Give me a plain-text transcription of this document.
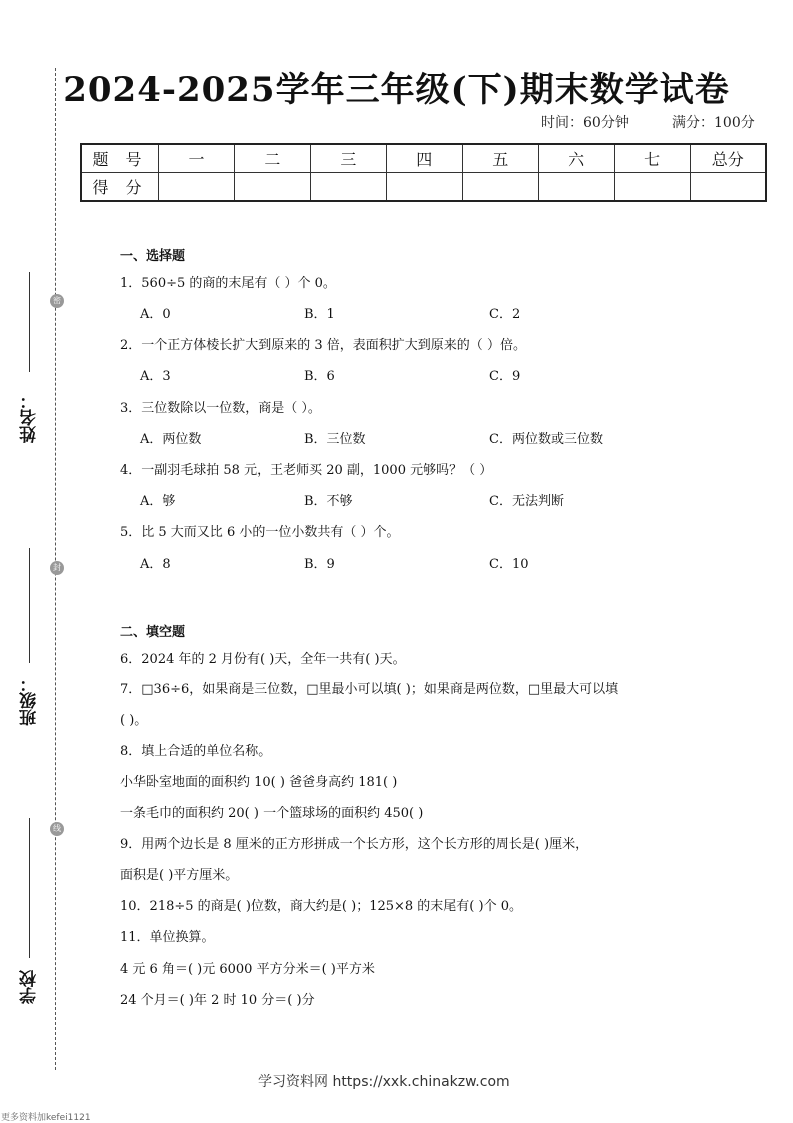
姓名：
密
班级：
封
学校
线
2024-2025学年三年级(下)期末数学试卷
时间：60分钟	满分：100分
题 号	一	二	三	四	五	六	七	总分
得 分								
一、选择题
1．560÷5 的商的末尾有（ ）个 0。
A．0	B．1	C．2
2．一个正方体棱长扩大到原来的 3 倍，表面积扩大到原来的（ ）倍。
A．3	B．6	C．9
3．三位数除以一位数，商是（ ）。
A．两位数	B．三位数	C．两位数或三位数
4．一副羽毛球拍 58 元，王老师买 20 副，1000 元够吗？（ ）
A．够	B．不够	C．无法判断
5．比 5 大而又比 6 小的一位小数共有（ ）个。
A．8	B．9	C．10
二、填空题
6．2024 年的 2 月份有( )天，全年一共有( )天。
7．□36÷6，如果商是三位数，□里最小可以填( )；如果商是两位数，□里最大可以填
( )。
8．填上合适的单位名称。
小华卧室地面的面积约 10( ) 爸爸身高约 181( )
一条毛巾的面积约 20( ) 一个篮球场的面积约 450( )
9．用两个边长是 8 厘米的正方形拼成一个长方形，这个长方形的周长是( )厘米，
面积是( )平方厘米。
10．218÷5 的商是( )位数，商大约是( )；125×8 的末尾有( )个 0。
11．单位换算。
4 元 6 角＝( )元 6000 平方分米＝( )平方米
24 个月＝( )年 2 时 10 分＝( )分
学习资料网 https://xxk.chinakzw.com
更多资料加kefei1121
